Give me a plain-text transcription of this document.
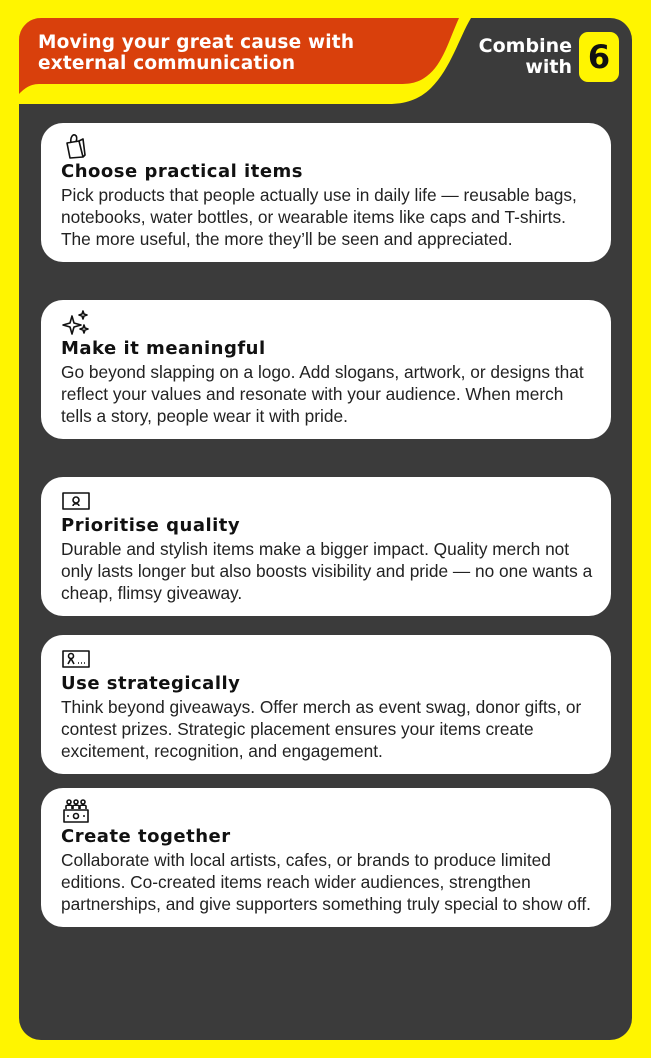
Moving your great cause with
external communication
Combine
with 6
Choose practical items
Pick products that people actually use in daily life — reusable bags, notebooks, water bottles, or wearable items like caps and T-shirts. The more useful, the more they’ll be seen and appreciated.
Make it meaningful
Go beyond slapping on a logo. Add slogans, artwork, or designs that reflect your values and resonate with your audience. When merch tells a story, people wear it with pride.
Prioritise quality
Durable and stylish items make a bigger impact. Quality merch not only lasts longer but also boosts visibility and pride — no one wants a cheap, flimsy giveaway.
Use strategically
Think beyond giveaways. Offer merch as event swag, donor gifts, or contest prizes. Strategic placement ensures your items create excitement, recognition, and engagement.
Create together
Collaborate with local artists, cafes, or brands to produce limited editions. Co-created items reach wider audiences, strengthen partnerships, and give supporters something truly special to show off.
